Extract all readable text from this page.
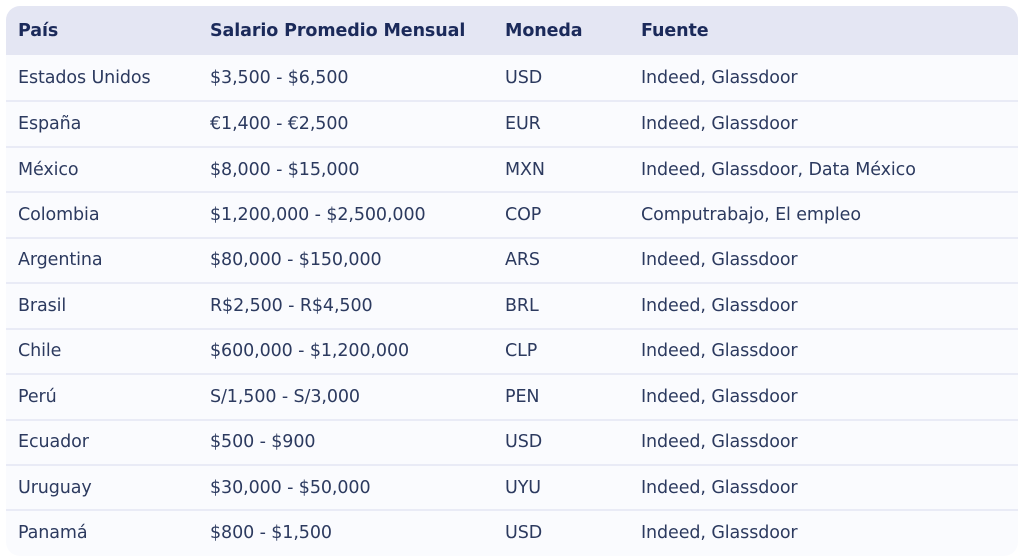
País	Salario Promedio Mensual	Moneda	Fuente
Estados Unidos	$3,500 - $6,500	USD	Indeed, Glassdoor
España	€1,400 - €2,500	EUR	Indeed, Glassdoor
México	$8,000 - $15,000	MXN	Indeed, Glassdoor, Data México
Colombia	$1,200,000 - $2,500,000	COP	Computrabajo, El empleo
Argentina	$80,000 - $150,000	ARS	Indeed, Glassdoor
Brasil	R$2,500 - R$4,500	BRL	Indeed, Glassdoor
Chile	$600,000 - $1,200,000	CLP	Indeed, Glassdoor
Perú	S/1,500 - S/3,000	PEN	Indeed, Glassdoor
Ecuador	$500 - $900	USD	Indeed, Glassdoor
Uruguay	$30,000 - $50,000	UYU	Indeed, Glassdoor
Panamá	$800 - $1,500	USD	Indeed, Glassdoor
